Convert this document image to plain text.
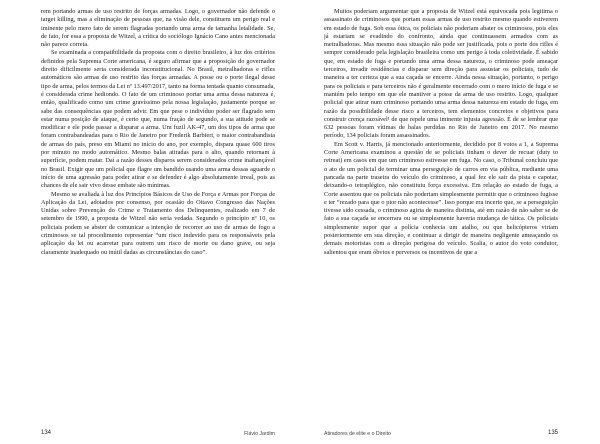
rem portando armas de uso restrito de forças armadas. Logo, o governador não defende o target killing, mas a eliminação de pessoas que, na visão dele, constituem um perigo real e iminente pelo mero fato de serem flagradas portando uma arma de tamanha letalidade. Se, de fato, for essa a proposta de Witzel, a crítica do sociólogo Ignácio Cano antes mencionada não parece correta.

Se examinada a compatibilidade da proposta com o direito brasileiro, à luz dos critérios definidos pela Suprema Corte americana, é seguro afirmar que a proposição do governador direito dificilmente seria considerada inconstitucional. No Brasil, metralhadoras e rifles automáticos são armas de uso restrito das forças armadas. A posse ou o porte ilegal desse tipo de arma, pelos termos da Lei nº 13.497/2017, tanto na forma tentada quanto consumada, é considerada crime hediondo. O fato de um criminoso portar uma arma dessa natureza é, então, qualificado como um crime gravíssimo pela nossa legislação, justamente porque se sabe das consequências que podem advir. Em que pese o indivíduo poder ser flagrado sem estar numa posição de ataque, é certo que, numa fração de segundo, a sua atitude pode se modificar e ele pode passar a disparar a arma. Um fuzil AK-47, um dos tipos de arma que foram contrabandeadas para o Rio de Janeiro por Frederik Barbieri, o maior contrabandista de armas do país, preso em Miami no início do ano, por exemplo, dispara quase 600 tiros por minuto no modo automático. Mesmo balas atiradas para o alto, quando retornam à superfície, podem matar. Daí a razão desses disparos serem considerados crime inafiançável no Brasil. Exigir que um policial que flagre um bandido usando uma arma dessas aguarde o início de uma agressão para poder atirar e se defender é algo absolutamente irreal, pois as chances de ele sair vivo desse embate são mínimas.

Mesmo se avaliada à luz dos Princípios Básicos de Uso de Força e Armas por Forças de Aplicação da Lei, adotados por consenso, por ocasião do Oitavo Congresso das Nações Unidas sobre Prevenção do Crime e Tratamento dos Delinquentes, realizado em 7 de setembro de 1990, a proposta de Witzel não seria vedada. Segundo o princípio nº 10, os policiais podem se abster de comunicar a intenção de recorrer ao uso de armas de fogo a criminosos se tal procedimento representar “um risco indevido para os responsáveis pela aplicação da lei ou acarretar para outrem um risco de morte ou dano grave, ou seja claramente inadequado ou inútil dadas as circunstâncias do caso”.

134	Flávio Jardim

Muitos poderiam argumentar que a proposta de Witzel está equivocada pois legitima o assassinato de criminosos que portam essas armas de uso restrito mesmo quando estiverem em estado de fuga. Sob essa ótica, os policiais não poderiam abater os criminosos, pois eles já estariam se evadindo do confronto, ainda que continuassem armados com as metralhadoras. Mas mesmo essa situação não pode ser justificada, pois o porte dos rifles é sempre considerado pela legislação brasileira como um perigo à toda coletividade. É sabido que, em estado de fuga e portando uma arma dessa natureza, o criminoso pode ameaçar terceiros, invadir residências e disparar sem direção para assustar os policiais, tudo de maneira a ter certeza que a sua caçada se encerre. Ainda nessa situação, portanto, o perigo para os policiais e para terceiros não é geralmente encerrado com o mero início de fuga e se mantém pelo tempo em que ele mantiver a posse da arma de uso restrito. Logo, qualquer policial que atirar num criminoso portando uma arma dessa natureza em estado de fuga, em razão da possibilidade desse risco a terceiros, tem elementos concretos e objetivos para construir crença razoável¹ de que repele uma iminente injusta agressão. É de se lembrar que 632 pessoas foram vítimas de balas perdidas no Rio de Janeiro em 2017. No mesmo período, 134 policiais foram assassinados.

Em Scott v. Harris, já mencionado anteriormente, decidido por 8 votos a 1, a Suprema Corte Americana examinou a questão de se policiais tinham o dever de recuar (duty to retreat) em casos em que um criminoso estivesse em fuga. No caso, o Tribunal concluiu que o ato de um policial de terminar uma perseguição de carros em via pública, mediante uma pancada na parte traseira do veículo do criminoso, a qual fez ele sair da pista e capotar, deixando-o tetraplégico, não constituiu força excessiva. Em relação ao estado de fuga, a Corte assentou que os policiais não poderiam simplesmente permitir que o criminoso fugisse e ter “rezado para que o pior não acontecesse”. Isso porque era incerto que, se a perseguição tivesse sido cessada, o criminoso agiria de maneira distinta, até em razão de não saber se de fato a sua caçada se encerrara ou se simplesmente haveria mudança de tática. Os policiais simplesmente supor que a polícia conhecia um atalho, ou que helicópteros viriam posteriormente em sua direção, e continuar a dirigir de maneira negligente ameaçando os demais motoristas com a direção perigosa do veículo. Scalia, o autor do voto condutor, salientou que eram óbvios e perversos os incentivos de que a

Atiradores de elite e o Direito	135
